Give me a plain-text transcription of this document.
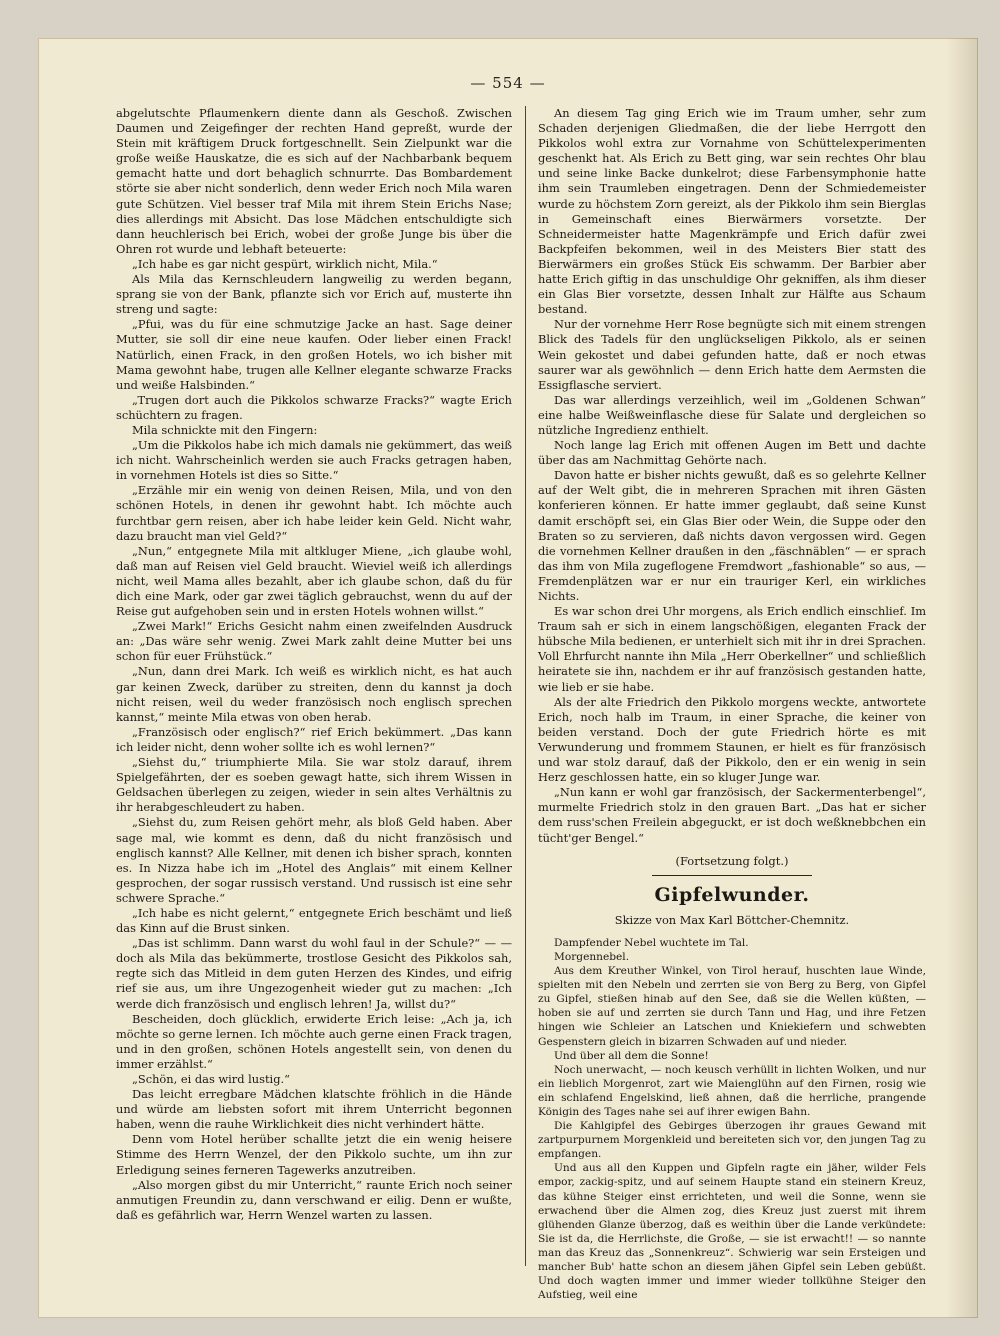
— 554 —

abgelutschte Pflaumenkern diente dann als Geschoß. Zwischen Daumen und Zeigefinger der rechten Hand gepreßt, wurde der Stein mit kräftigem Druck fortgeschnellt. Sein Zielpunkt war die große weiße Hauskatze, die es sich auf der Nachbarbank bequem gemacht hatte und dort behaglich schnurrte. Das Bombardement störte sie aber nicht sonderlich, denn weder Erich noch Mila waren gute Schützen. Viel besser traf Mila mit ihrem Stein Erichs Nase; dies allerdings mit Absicht. Das lose Mädchen entschuldigte sich dann heuchlerisch bei Erich, wobei der große Junge bis über die Ohren rot wurde und lebhaft beteuerte:

„Ich habe es gar nicht gespürt, wirklich nicht, Mila.“

Als Mila das Kernschleudern langweilig zu werden begann, sprang sie von der Bank, pflanzte sich vor Erich auf, musterte ihn streng und sagte:

„Pfui, was du für eine schmutzige Jacke an hast. Sage deiner Mutter, sie soll dir eine neue kaufen. Oder lieber einen Frack! Natürlich, einen Frack, in den großen Hotels, wo ich bisher mit Mama gewohnt habe, trugen alle Kellner elegante schwarze Fracks und weiße Halsbinden.“

„Trugen dort auch die Pikkolos schwarze Fracks?“ wagte Erich schüchtern zu fragen.

Mila schnickte mit den Fingern:

„Um die Pikkolos habe ich mich damals nie gekümmert, das weiß ich nicht. Wahrscheinlich werden sie auch Fracks getragen haben, in vornehmen Hotels ist dies so Sitte.“

„Erzähle mir ein wenig von deinen Reisen, Mila, und von den schönen Hotels, in denen ihr gewohnt habt. Ich möchte auch furchtbar gern reisen, aber ich habe leider kein Geld. Nicht wahr, dazu braucht man viel Geld?“

„Nun,“ entgegnete Mila mit altkluger Miene, „ich glaube wohl, daß man auf Reisen viel Geld braucht. Wieviel weiß ich allerdings nicht, weil Mama alles bezahlt, aber ich glaube schon, daß du für dich eine Mark, oder gar zwei täglich gebrauchst, wenn du auf der Reise gut aufgehoben sein und in ersten Hotels wohnen willst.“

„Zwei Mark!“ Erichs Gesicht nahm einen zweifelnden Ausdruck an: „Das wäre sehr wenig. Zwei Mark zahlt deine Mutter bei uns schon für euer Frühstück.“

„Nun, dann drei Mark. Ich weiß es wirklich nicht, es hat auch gar keinen Zweck, darüber zu streiten, denn du kannst ja doch nicht reisen, weil du weder französisch noch englisch sprechen kannst,“ meinte Mila etwas von oben herab.

„Französisch oder englisch?“ rief Erich bekümmert. „Das kann ich leider nicht, denn woher sollte ich es wohl lernen?“

„Siehst du,“ triumphierte Mila. Sie war stolz darauf, ihrem Spielgefährten, der es soeben gewagt hatte, sich ihrem Wissen in Geldsachen überlegen zu zeigen, wieder in sein altes Verhältnis zu ihr herabgeschleudert zu haben.

„Siehst du, zum Reisen gehört mehr, als bloß Geld haben. Aber sage mal, wie kommt es denn, daß du nicht französisch und englisch kannst? Alle Kellner, mit denen ich bisher sprach, konnten es. In Nizza habe ich im „Hotel des Anglais“ mit einem Kellner gesprochen, der sogar russisch verstand. Und russisch ist eine sehr schwere Sprache.“

„Ich habe es nicht gelernt,“ entgegnete Erich beschämt und ließ das Kinn auf die Brust sinken.

„Das ist schlimm. Dann warst du wohl faul in der Schule?“ — — doch als Mila das bekümmerte, trostlose Gesicht des Pikkolos sah, regte sich das Mitleid in dem guten Herzen des Kindes, und eifrig rief sie aus, um ihre Ungezogenheit wieder gut zu machen: „Ich werde dich französisch und englisch lehren! Ja, willst du?“

Bescheiden, doch glücklich, erwiderte Erich leise: „Ach ja, ich möchte so gerne lernen. Ich möchte auch gerne einen Frack tragen, und in den großen, schönen Hotels angestellt sein, von denen du immer erzählst.“

„Schön, ei das wird lustig.“

Das leicht erregbare Mädchen klatschte fröhlich in die Hände und würde am liebsten sofort mit ihrem Unterricht begonnen haben, wenn die rauhe Wirklichkeit dies nicht verhindert hätte.

Denn vom Hotel herüber schallte jetzt die ein wenig heisere Stimme des Herrn Wenzel, der den Pikkolo suchte, um ihn zur Erledigung seines ferneren Tagewerks anzutreiben.

„Also morgen gibst du mir Unterricht,“ raunte Erich noch seiner anmutigen Freundin zu, dann verschwand er eilig. Denn er wußte, daß es gefährlich war, Herrn Wenzel warten zu lassen.

An diesem Tag ging Erich wie im Traum umher, sehr zum Schaden derjenigen Gliedmaßen, die der liebe Herrgott den Pikkolos wohl extra zur Vornahme von Schüttelexperimenten geschenkt hat. Als Erich zu Bett ging, war sein rechtes Ohr blau und seine linke Backe dunkelrot; diese Farbensymphonie hatte ihm sein Traumleben eingetragen. Denn der Schmiedemeister wurde zu höchstem Zorn gereizt, als der Pikkolo ihm sein Bierglas in Gemeinschaft eines Bierwärmers vorsetzte. Der Schneidermeister hatte Magenkrämpfe und Erich dafür zwei Backpfeifen bekommen, weil in des Meisters Bier statt des Bierwärmers ein großes Stück Eis schwamm. Der Barbier aber hatte Erich giftig in das unschuldige Ohr gekniffen, als ihm dieser ein Glas Bier vorsetzte, dessen Inhalt zur Hälfte aus Schaum bestand.

Nur der vornehme Herr Rose begnügte sich mit einem strengen Blick des Tadels für den unglückseligen Pikkolo, als er seinen Wein gekostet und dabei gefunden hatte, daß er noch etwas saurer war als gewöhnlich — denn Erich hatte dem Aermsten die Essigflasche serviert.

Das war allerdings verzeihlich, weil im „Goldenen Schwan“ eine halbe Weißweinflasche diese für Salate und dergleichen so nützliche Ingredienz enthielt.

Noch lange lag Erich mit offenen Augen im Bett und dachte über das am Nachmittag Gehörte nach.

Davon hatte er bisher nichts gewußt, daß es so gelehrte Kellner auf der Welt gibt, die in mehreren Sprachen mit ihren Gästen konferieren können. Er hatte immer geglaubt, daß seine Kunst damit erschöpft sei, ein Glas Bier oder Wein, die Suppe oder den Braten so zu servieren, daß nichts davon vergossen wird. Gegen die vornehmen Kellner draußen in den „fäschnäblen“ — er sprach das ihm von Mila zugeflogene Fremdwort „fashionable“ so aus, — Fremdenplätzen war er nur ein trauriger Kerl, ein wirkliches Nichts.

Es war schon drei Uhr morgens, als Erich endlich einschlief. Im Traum sah er sich in einem langschößigen, eleganten Frack der hübsche Mila bedienen, er unterhielt sich mit ihr in drei Sprachen. Voll Ehrfurcht nannte ihn Mila „Herr Oberkellner“ und schließlich heiratete sie ihn, nachdem er ihr auf französisch gestanden hatte, wie lieb er sie habe.

Als der alte Friedrich den Pikkolo morgens weckte, antwortete Erich, noch halb im Traum, in einer Sprache, die keiner von beiden verstand. Doch der gute Friedrich hörte es mit Verwunderung und frommem Staunen, er hielt es für französisch und war stolz darauf, daß der Pikkolo, den er ein wenig in sein Herz geschlossen hatte, ein so kluger Junge war.

„Nun kann er wohl gar französisch, der Sackermenterbengel“, murmelte Friedrich stolz in den grauen Bart. „Das hat er sicher dem russ'schen Freilein abgeguckt, er ist doch weßknebbchen ein tücht'ger Bengel.“

(Fortsetzung folgt.)

Gipfelwunder.
Skizze von Max Karl Böttcher-Chemnitz.

Dampfender Nebel wuchtete im Tal.

Morgennebel.

Aus dem Kreuther Winkel, von Tirol herauf, huschten laue Winde, spielten mit den Nebeln und zerrten sie von Berg zu Berg, von Gipfel zu Gipfel, stießen hinab auf den See, daß sie die Wellen küßten, — hoben sie auf und zerrten sie durch Tann und Hag, und ihre Fetzen hingen wie Schleier an Latschen und Kniekiefern und schwebten Gespenstern gleich in bizarren Schwaden auf und nieder.

Und über all dem die Sonne!

Noch unerwacht, — noch keusch verhüllt in lichten Wolken, und nur ein lieblich Morgenrot, zart wie Maienglühn auf den Firnen, rosig wie ein schlafend Engelskind, ließ ahnen, daß die herrliche, prangende Königin des Tages nahe sei auf ihrer ewigen Bahn.

Die Kahlgipfel des Gebirges überzogen ihr graues Gewand mit zartpurpurnem Morgenkleid und bereiteten sich vor, den jungen Tag zu empfangen.

Und aus all den Kuppen und Gipfeln ragte ein jäher, wilder Fels empor, zackig-spitz, und auf seinem Haupte stand ein steinern Kreuz, das kühne Steiger einst errichteten, und weil die Sonne, wenn sie erwachend über die Almen zog, dies Kreuz just zuerst mit ihrem glühenden Glanze überzog, daß es weithin über die Lande verkündete: Sie ist da, die Herrlichste, die Große, — sie ist erwacht!! — so nannte man das Kreuz das „Sonnenkreuz“. Schwierig war sein Ersteigen und mancher Bub' hatte schon an diesem jähen Gipfel sein Leben gebüßt. Und doch wagten immer und immer wieder tollkühne Steiger den Aufstieg, weil eine
